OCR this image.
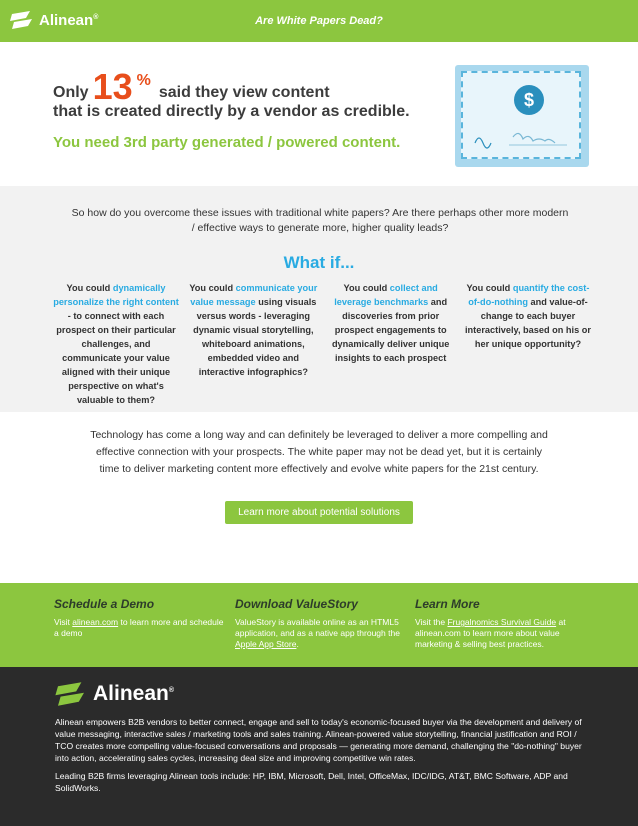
Alinean®	Are White Papers Dead?
Only 13 %
said they view content
that is created directly by a vendor as credible.
You need 3rd party generated / powered content.
$
So how do you overcome these issues with traditional white papers? Are there perhaps other more modern / effective ways to generate more, higher quality leads?
What if...
You could dynamically personalize the right content - to connect with each prospect on their particular challenges, and communicate your value aligned with their unique perspective on what's valuable to them?
You could communicate your value message using visuals versus words - leveraging dynamic visual storytelling, whiteboard animations, embedded video and interactive infographics?
You could collect and leverage benchmarks and discoveries from prior prospect engagements to dynamically deliver unique insights to each prospect
You could quantify the cost-of-do-nothing and value-of-change to each buyer interactively, based on his or her unique opportunity?
Technology has come a long way and can definitely be leveraged to deliver a more compelling and effective connection with your prospects. The white paper may not be dead yet, but it is certainly time to deliver marketing content more effectively and evolve white papers for the 21st century.
Learn more about potential solutions
Schedule a Demo
Visit alinean.com to learn more and schedule a demo
Download ValueStory
ValueStory is available online as an HTML5 application, and as a native app through the Apple App Store.
Learn More
Visit the Frugalnomics Survival Guide at alinean.com to learn more about value marketing & selling best practices.
Alinean®

Alinean empowers B2B vendors to better connect, engage and sell to today's economic-focused buyer via the development and delivery of value messaging, interactive sales / marketing tools and sales training. Alinean-powered value storytelling, financial justification and ROI / TCO creates more compelling value-focused conversations and proposals — generating more demand, challenging the "do-nothing" buyer into action, accelerating sales cycles, increasing deal size and improving competitive win rates.

Leading B2B firms leveraging Alinean tools include: HP, IBM, Microsoft, Dell, Intel, OfficeMax, IDC/IDG, AT&T, BMC Software, ADP and SolidWorks.
